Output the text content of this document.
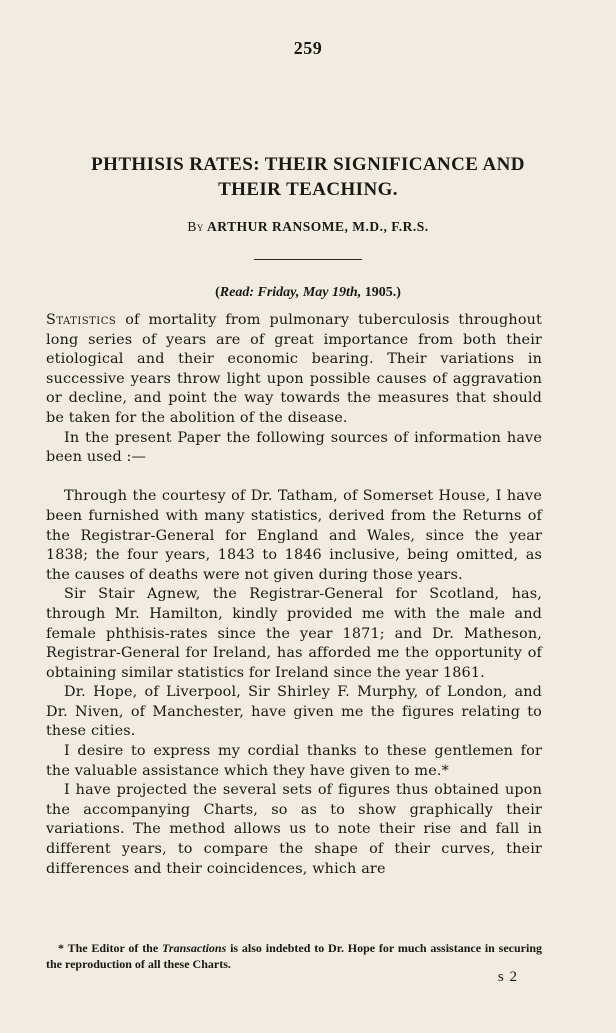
259
PHTHISIS RATES: THEIR SIGNIFICANCE AND
THEIR TEACHING.
By ARTHUR RANSOME, M.D., F.R.S.
(Read: Friday, May 19th, 1905.)

Statistics of mortality from pulmonary tuberculosis throughout long series of years are of great importance from both their etiological and their economic bearing. Their variations in successive years throw light upon possible causes of aggravation or decline, and point the way towards the measures that should be taken for the abolition of the disease.

In the present Paper the following sources of information have been used :—

Through the courtesy of Dr. Tatham, of Somerset House, I have been furnished with many statistics, derived from the Returns of the Registrar-General for England and Wales, since the year 1838; the four years, 1843 to 1846 inclusive, being omitted, as the causes of deaths were not given during those years.

Sir Stair Agnew, the Registrar-General for Scotland, has, through Mr. Hamilton, kindly provided me with the male and female phthisis-rates since the year 1871; and Dr. Matheson, Registrar-General for Ireland, has afforded me the opportunity of obtaining similar statistics for Ireland since the year 1861.

Dr. Hope, of Liverpool, Sir Shirley F. Murphy, of London, and Dr. Niven, of Manchester, have given me the figures relating to these cities.

I desire to express my cordial thanks to these gentlemen for the valuable assistance which they have given to me.*

I have projected the several sets of figures thus obtained upon the accompanying Charts, so as to show graphically their variations. The method allows us to note their rise and fall in different years, to compare the shape of their curves, their differences and their coincidences, which are

* The Editor of the Transactions is also indebted to Dr. Hope for much assistance in securing the reproduction of all these Charts.

s 2
